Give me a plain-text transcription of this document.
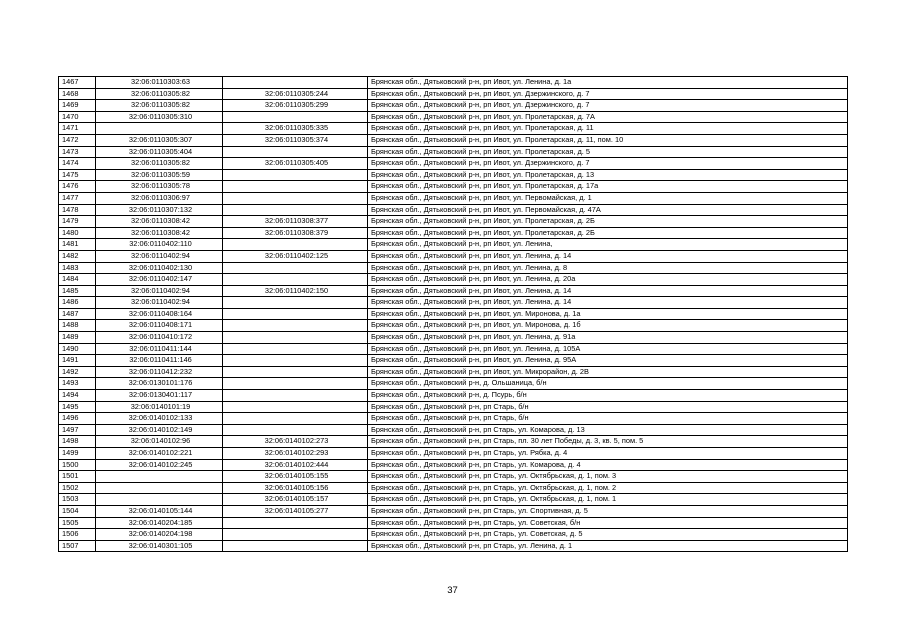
1467	32:06:0110303:63		Брянская обл., Дятьковский р-н, рп Ивот, ул. Ленина, д. 1а
1468	32:06:0110305:82	32:06:0110305:244	Брянская обл., Дятьковский р-н, рп Ивот, ул. Дзержинского, д. 7
1469	32:06:0110305:82	32:06:0110305:299	Брянская обл., Дятьковский р-н, рп Ивот, ул. Дзержинского, д. 7
1470	32:06:0110305:310		Брянская обл., Дятьковский р-н, рп Ивот, ул. Пролетарская, д. 7А
1471		32:06:0110305:335	Брянская обл., Дятьковский р-н, рп Ивот, ул. Пролетарская, д. 11
1472	32:06:0110305:307	32:06:0110305:374	Брянская обл., Дятьковский р-н, рп Ивот, ул. Пролетарская, д. 11, пом. 10
1473	32:06:0110305:404		Брянская обл., Дятьковский р-н, рп Ивот, ул. Пролетарская, д. 5
1474	32:06:0110305:82	32:06:0110305:405	Брянская обл., Дятьковский р-н, рп Ивот, ул. Дзержинского, д. 7
1475	32:06:0110305:59		Брянская обл., Дятьковский р-н, рп Ивот, ул. Пролетарская, д. 13
1476	32:06:0110305:78		Брянская обл., Дятьковский р-н, рп Ивот, ул. Пролетарская, д. 17а
1477	32:06:0110306:97		Брянская обл., Дятьковский р-н, рп Ивот, ул. Первомайская, д. 1
1478	32:06:0110307:132		Брянская обл., Дятьковский р-н, рп Ивот, ул. Первомайская, д. 47А
1479	32:06:0110308:42	32:06:0110308:377	Брянская обл., Дятьковский р-н, рп Ивот, ул. Пролетарская, д. 2Б
1480	32:06:0110308:42	32:06:0110308:379	Брянская обл., Дятьковский р-н, рп Ивот, ул. Пролетарская, д. 2Б
1481	32:06:0110402:110		Брянская обл., Дятьковский р-н, рп Ивот, ул. Ленина,
1482	32:06:0110402:94	32:06:0110402:125	Брянская обл., Дятьковский р-н, рп Ивот, ул. Ленина, д. 14
1483	32:06:0110402:130		Брянская обл., Дятьковский р-н, рп Ивот, ул. Ленина, д. 8
1484	32:06:0110402:147		Брянская обл., Дятьковский р-н, рп Ивот, ул. Ленина, д. 20а
1485	32:06:0110402:94	32:06:0110402:150	Брянская обл., Дятьковский р-н, рп Ивот, ул. Ленина, д. 14
1486	32:06:0110402:94		Брянская обл., Дятьковский р-н, рп Ивот, ул. Ленина, д. 14
1487	32:06:0110408:164		Брянская обл., Дятьковский р-н, рп Ивот, ул. Миронова, д. 1а
1488	32:06:0110408:171		Брянская обл., Дятьковский р-н, рп Ивот, ул. Миронова, д. 1б
1489	32:06:0110410:172		Брянская обл., Дятьковский р-н, рп Ивот, ул. Ленина, д. 91а
1490	32:06:0110411:144		Брянская обл., Дятьковский р-н, рп Ивот, ул. Ленина, д. 105А
1491	32:06:0110411:146		Брянская обл., Дятьковский р-н, рп Ивот, ул. Ленина, д. 95А
1492	32:06:0110412:232		Брянская обл., Дятьковский р-н, рп Ивот, ул. Микрорайон, д. 2В
1493	32:06:0130101:176		Брянская обл., Дятьковский р-н, д. Ольшаница, б/н
1494	32:06:0130401:117		Брянская обл., Дятьковский р-н, д. Псурь, б/н
1495	32:06:0140101:19		Брянская обл., Дятьковский р-н, рп Старь, б/н
1496	32:06:0140102:133		Брянская обл., Дятьковский р-н, рп Старь, б/н
1497	32:06:0140102:149		Брянская обл., Дятьковский р-н, рп Старь, ул. Комарова, д. 13
1498	32:06:0140102:96	32:06:0140102:273	Брянская обл., Дятьковский р-н, рп Старь, пл. 30 лет Победы, д. 3, кв. 5, пом. 5
1499	32:06:0140102:221	32:06:0140102:293	Брянская обл., Дятьковский р-н, рп Старь, ул. Рябка, д. 4
1500	32:06:0140102:245	32:06:0140102:444	Брянская обл., Дятьковский р-н, рп Старь, ул. Комарова, д. 4
1501		32:06:0140105:155	Брянская обл., Дятьковский р-н, рп Старь, ул. Октябрьская, д. 1, пом. 3
1502		32:06:0140105:156	Брянская обл., Дятьковский р-н, рп Старь, ул. Октябрьская, д. 1, пом. 2
1503		32:06:0140105:157	Брянская обл., Дятьковский р-н, рп Старь, ул. Октябрьская, д. 1, пом. 1
1504	32:06:0140105:144	32:06:0140105:277	Брянская обл., Дятьковский р-н, рп Старь, ул. Спортивная, д. 5
1505	32:06:0140204:185		Брянская обл., Дятьковский р-н, рп Старь, ул. Советская, б/н
1506	32:06:0140204:198		Брянская обл., Дятьковский р-н, рп Старь, ул. Советская, д. 5
1507	32:06:0140301:105		Брянская обл., Дятьковский р-н, рп Старь, ул. Ленина, д. 1
37
